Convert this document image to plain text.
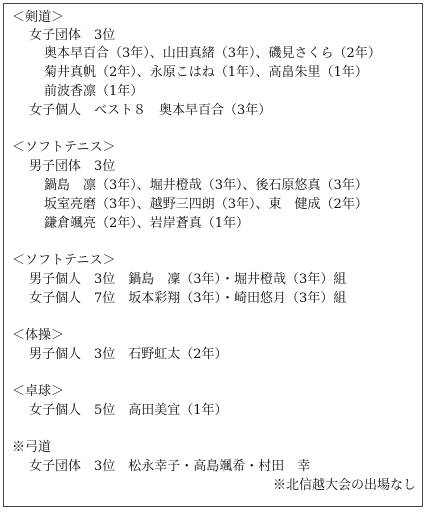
＜剣道＞
女子団体　3位
奥本早百合（3年）、山田真緒（3年）、磯見さくら（2年）
菊井真帆（2年）、永原こはね（1年）、高畠朱里（1年）
前波香凛（1年）
女子個人　ベスト８　奥本早百合（3年）
＜ソフトテニス＞
男子団体　3位
鍋島　凛（3年）、堀井橙哉（3年）、後石原悠真（3年）
坂室亮磨（3年）、越野三四朗（3年）、東　健成（2年）
鎌倉颯亮（2年）、岩岸蒼真（1年）
＜ソフトテニス＞
男子個人　3位　鍋島　凜（3年）・堀井橙哉（3年）組
女子個人　7位　坂本彩翔（3年）・崎田悠月（3年）組
＜体操＞
男子個人　3位　石野虹太（2年）
＜卓球＞
女子個人　5位　高田美宜（1年）
※弓道
女子団体　3位　松永幸子・高島颯希・村田　幸
※北信越大会の出場なし
